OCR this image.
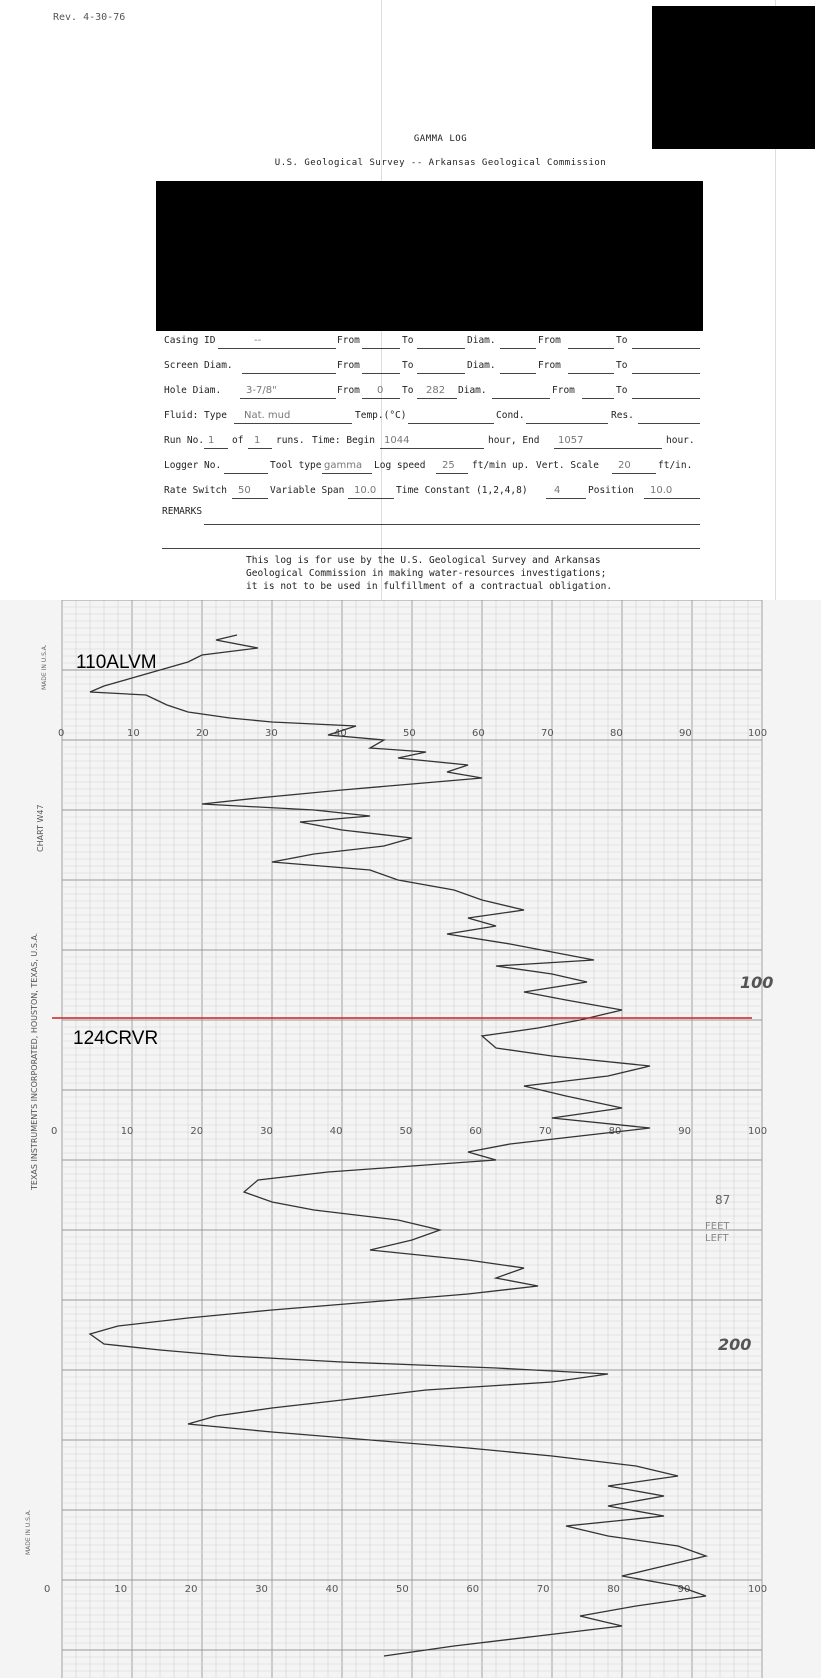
Rev. 4-30-76
GAMMA LOG
U.S. Geological Survey -- Arkansas Geological Commission
Casing ID	--	From	To	Diam.	From	To
Screen Diam.	From	To	Diam.	From	To
Hole Diam. 3-7/8"	From 0 To 282 Diam.	From	To
Fluid: Type Nat. mud	Temp.(°C)	Cond.	Res.
Run No. 1 of 1 runs. Time: Begin 1044	hour, End 1057	hour.
Logger No.	Tool type gamma Log speed 25 ft/min up. Vert. Scale 20	ft/in.
Rate Switch 50 Variable Span 10.0 Time Constant (1,2,4,8)	4	Position 10.0
REMARKS
This log is for use by the U.S. Geological Survey and Arkansas
Geological Commission in making water-resources investigations;
it is not to be used in fulfillment of a contractual obligation.
0	10	20	30	40	50	60	70	80	90	100
0	10	20	30	40	50	60	70	80	90	100
0	10	20	30	40	50	60	70	80	90	100
110ALVM
124CRVR
100
200
87
FEET
LEFT
TEXAS INSTRUMENTS INCORPORATED, HOUSTON, TEXAS, U.S.A.
CHART W47
MADE IN U.S.A.
MADE IN U.S.A.
